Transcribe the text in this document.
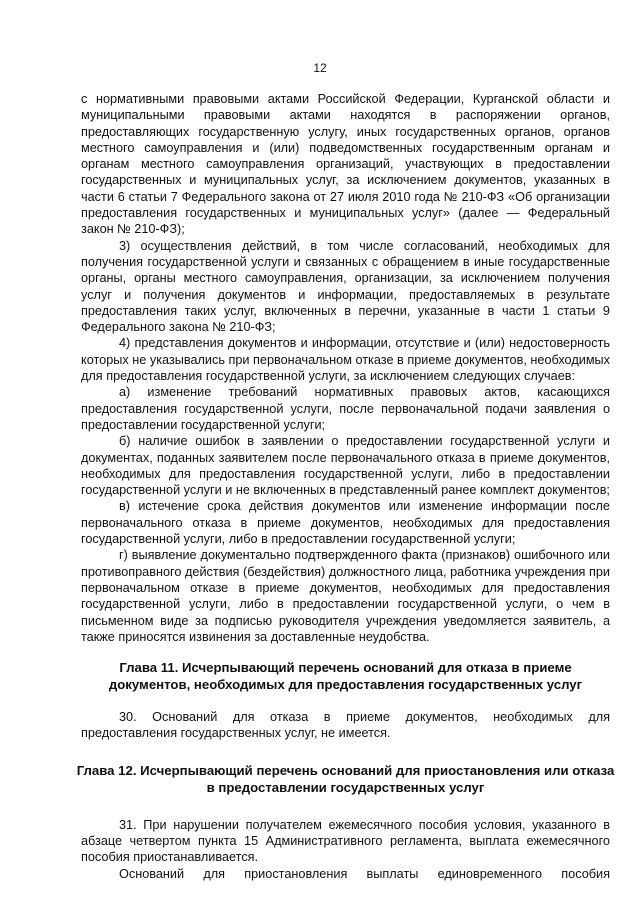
12

с нормативными правовыми актами Российской Федерации, Курганской области и муниципальными правовыми актами находятся в распоряжении органов, предоставляющих государственную услугу, иных государственных органов, органов местного самоуправления и (или) подведомственных государственным органам и органам местного самоуправления организаций, участвующих в предоставлении государственных и муниципальных услуг, за исключением документов, указанных в части 6 статьи 7 Федерального закона от 27 июля 2010 года № 210-ФЗ «Об организации предоставления государственных и муниципальных услуг» (далее — Федеральный закон № 210-ФЗ);

3) осуществления действий, в том числе согласований, необходимых для получения государственной услуги и связанных с обращением в иные государственные органы, органы местного самоуправления, организации, за исключением получения услуг и получения документов и информации, предоставляемых в результате предоставления таких услуг, включенных в перечни, указанные в части 1 статьи 9 Федерального закона № 210-ФЗ;

4) представления документов и информации, отсутствие и (или) недостоверность которых не указывались при первоначальном отказе в приеме документов, необходимых для предоставления государственной услуги, за исключением следующих случаев:

а) изменение требований нормативных правовых актов, касающихся предоставления государственной услуги, после первоначальной подачи заявления о предоставлении государственной услуги;

б) наличие ошибок в заявлении о предоставлении государственной услуги и документах, поданных заявителем после первоначального отказа в приеме документов, необходимых для предоставления государственной услуги, либо в предоставлении государственной услуги и не включенных в представленный ранее комплект документов;

в) истечение срока действия документов или изменение информации после первоначального отказа в приеме документов, необходимых для предоставления государственной услуги, либо в предоставлении государственной услуги;

г) выявление документально подтвержденного факта (признаков) ошибочного или противоправного действия (бездействия) должностного лица, работника учреждения при первоначальном отказе в приеме документов, необходимых для предоставления государственной услуги, либо в предоставлении государственной услуги, о чем в письменном виде за подписью руководителя учреждения уведомляется заявитель, а также приносятся извинения за доставленные неудобства.

Глава 11. Исчерпывающий перечень оснований для отказа в приеме документов, необходимых для предоставления государственных услуг

30. Оснований для отказа в приеме документов, необходимых для предоставления государственных услуг, не имеется.

Глава 12. Исчерпывающий перечень оснований для приостановления или отказа в предоставлении государственных услуг

31. При нарушении получателем ежемесячного пособия условия, указанного в абзаце четвертом пункта 15 Административного регламента, выплата ежемесячного пособия приостанавливается.

Оснований для приостановления выплаты единовременного пособия
